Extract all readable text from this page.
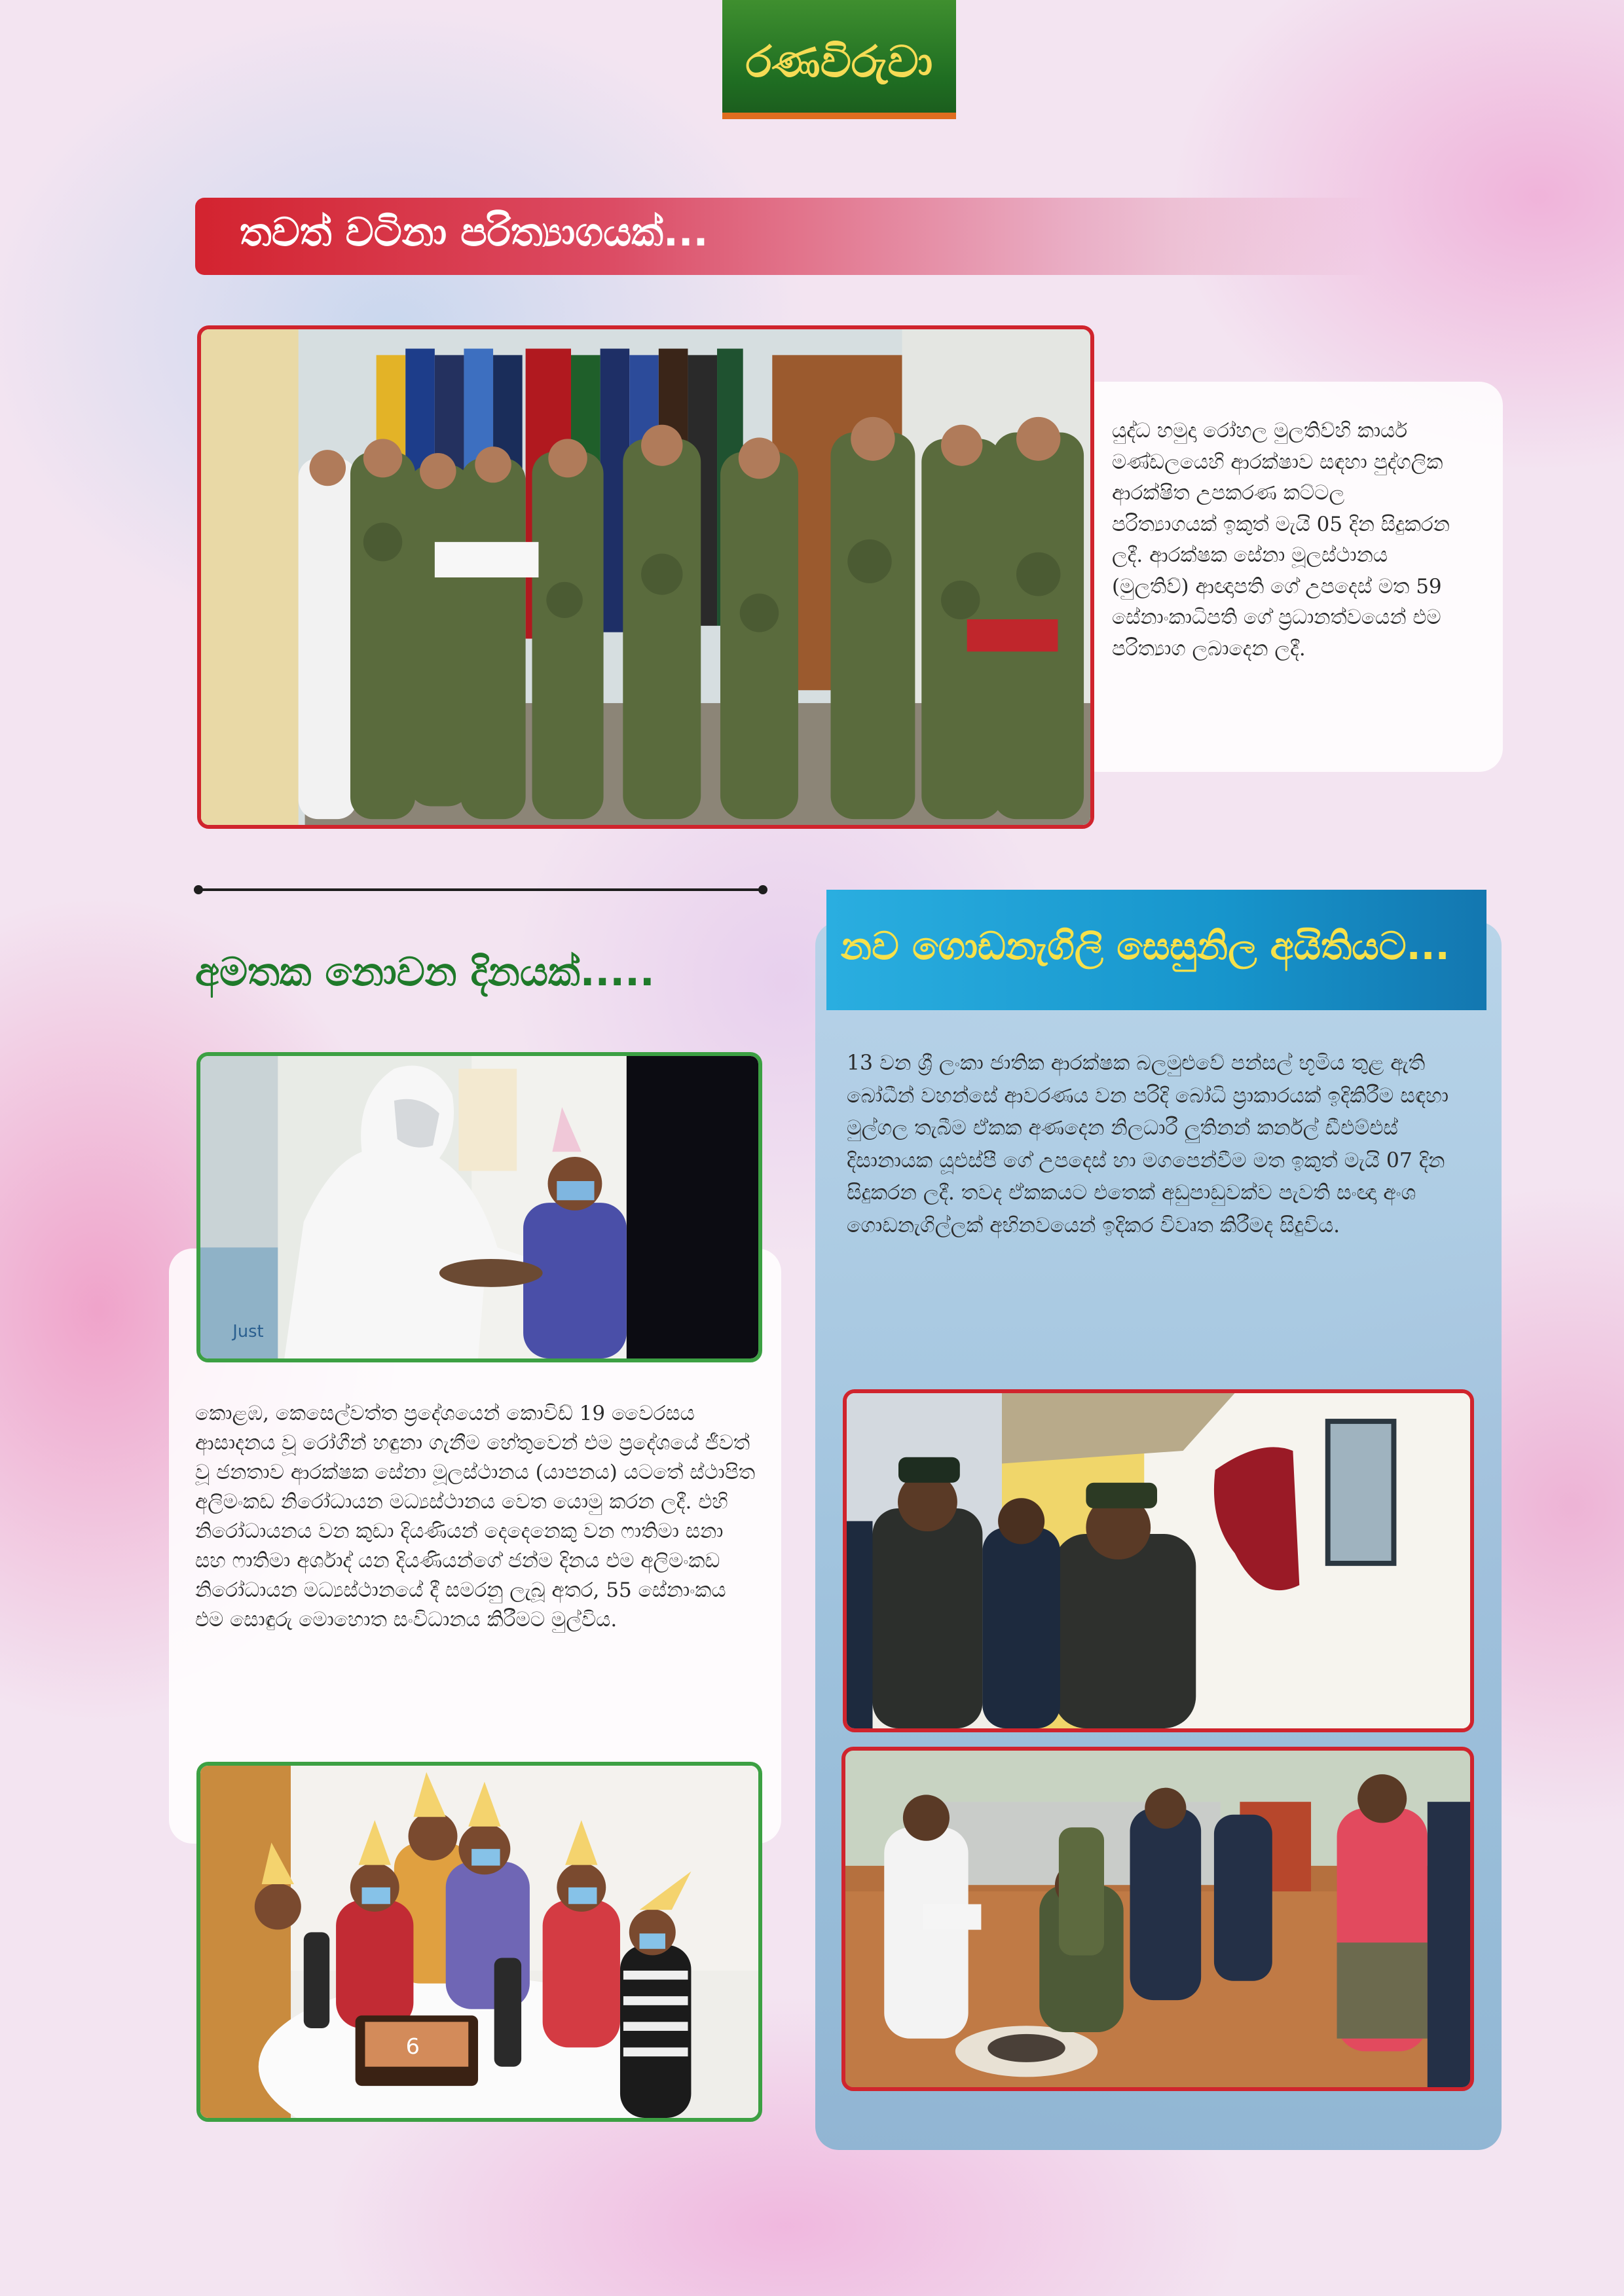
රණවිරුවා
තවත් වටිනා පරිත්‍යාගයක්...

යුද්ධ හමුදා රෝහල මුලතිව්හි කාර්ය මණ්ඩලයෙහි ආරක්ෂාව සඳහා පුද්ගලික ආරක්ෂිත උපකරණ කට්ටල පරිත්‍යාගයක් ඉකුත් මැයි 05 දින සිදුකරන ලදී. ආරක්ෂක සේනා මූලස්ථානය (මුලතිව්) ආඥාපති ගේ උපදෙස් මත 59 සේනාංකාධිපති ගේ ප්‍රධානත්වයෙන් එම පරිත්‍යාග ලබාදෙන ලදී.

අමතක නොවන දිනයක්.....

කොළඹ, කෙසෙල්වත්ත ප්‍රදේශයෙන් කොවිඩ් 19 වෛරසය ආසාදනය වූ රෝගීන් හඳුනා ගැනීම හේතුවෙන් එම ප්‍රදේශයේ ජීවත් වූ ජනතාව ආරක්ෂක සේනා මූලස්ථානය (යාපනය) යටතේ ස්ථාපිත අලිමංකඩ නිරෝධායන මධ්‍යස්ථානය වෙත යොමු කරන ලදී. එහි නිරෝධායනය වන කුඩා දියණියන් දෙදෙනෙකු වන ෆාතිමා සනා සහ ෆාතිමා අර්ශාද් යන දියණියන්ගේ ජන්ම දිනය එම අලිමංකඩ නිරෝධායන මධ්‍යස්ථානයේ දී සමරනු ලැබූ අතර, 55 සේනාංකය එම සොඳුරු මොහොත සංවිධානය කිරීමට මුල්විය.

Just
6
නව ගොඩනැගිලි සෙසුනිල අයිතියට...

13 වන ශ්‍රී ලංකා ජාතික ආරක්ෂක බලමුළුවේ පන්සල් භූමිය තුළ ඇති බෝධීන් වහන්සේ ආවරණය වන පරිදි බෝධි ප්‍රාකාරයක් ඉදිකිරීම සඳහා මුල්ගල තැබීම ඒකක අණදෙන නිලධාරී ලුතිනන් කර්නල් ඩීඑම්එස් දිසානායක යූඑස්පී ගේ උපදෙස් හා මගපෙන්වීම මත ඉකුත් මැයි 07 දින සිදුකරන ලදී. තවද ඒකකයට එතෙක් අඩුපාඩුවක්ව පැවති සංඥා අංශ ගොඩනැගිල්ලක් අභිනවයෙන් ඉදිකර විවෘත කිරීමද සිදුවිය.
